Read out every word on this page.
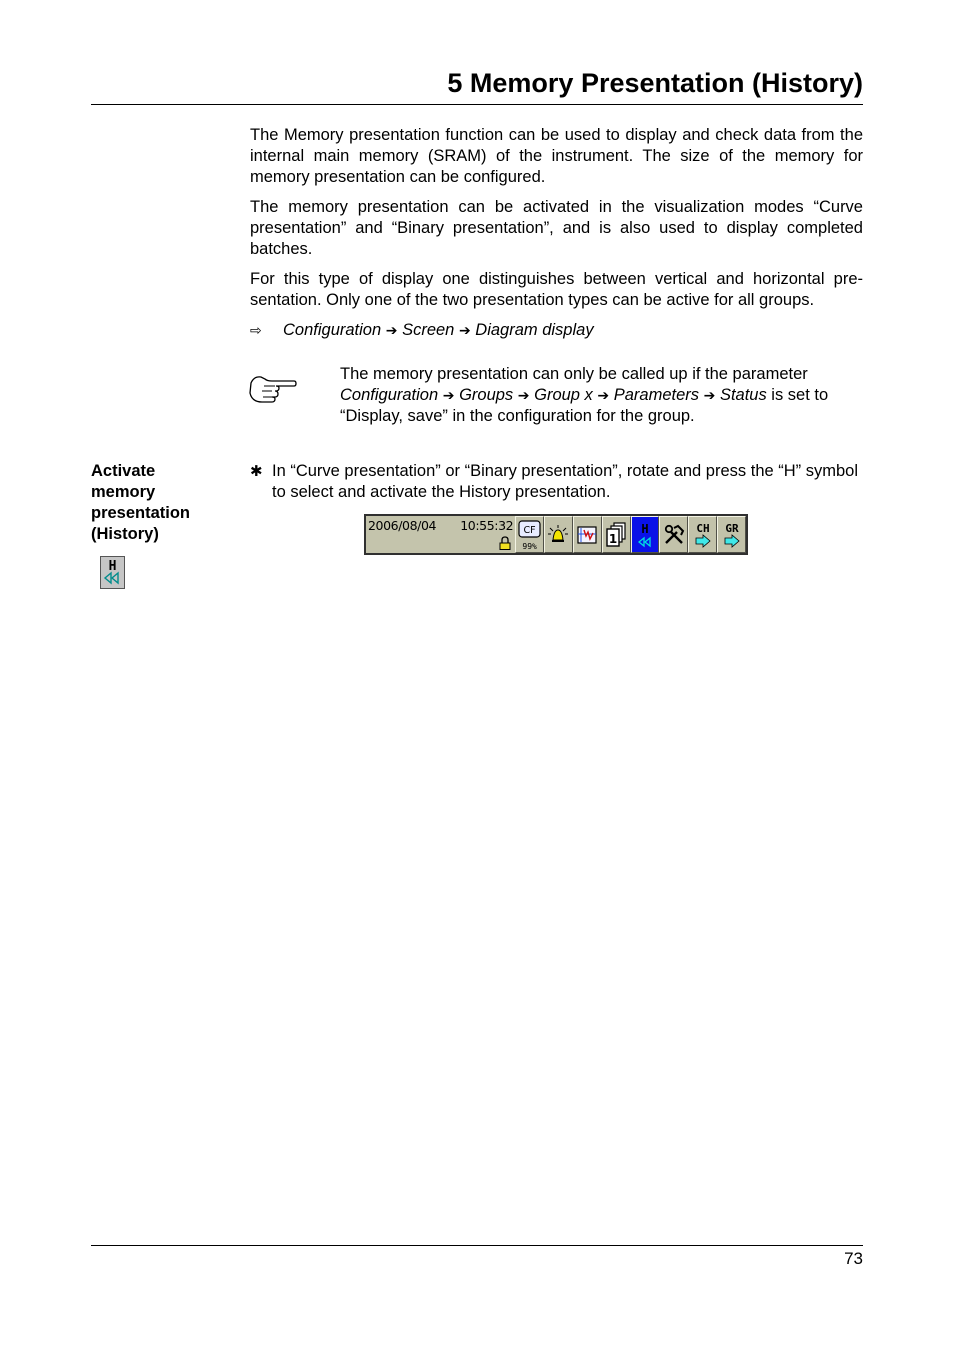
5 Memory Presentation (History)

The Memory presentation function can be used to display and check data from the internal main memory (SRAM) of the instrument. The size of the memory for memory presentation can be configured.

The memory presentation can be activated in the visualization modes “Curve presentation” and “Binary presentation”, and is also used to display completed batches.

For this type of display one distinguishes between vertical and horizontal pre-sentation. Only one of the two presentation types can be active for all groups.

⇨ Configuration ➔ Screen ➔ Diagram display
The memory presentation can only be called up if the parameter
Configuration ➔ Groups ➔ Group x ➔ Parameters ➔ Status is set to “Display, save” in the configuration for the group.
Activate
memory
presentation
(History)
H
✱ In “Curve presentation” or “Binary presentation”, rotate and press the “H” symbol to select and activate the History presentation.
2006/08/04 10:55:32 CF
99%
1
H	CH GR
73
